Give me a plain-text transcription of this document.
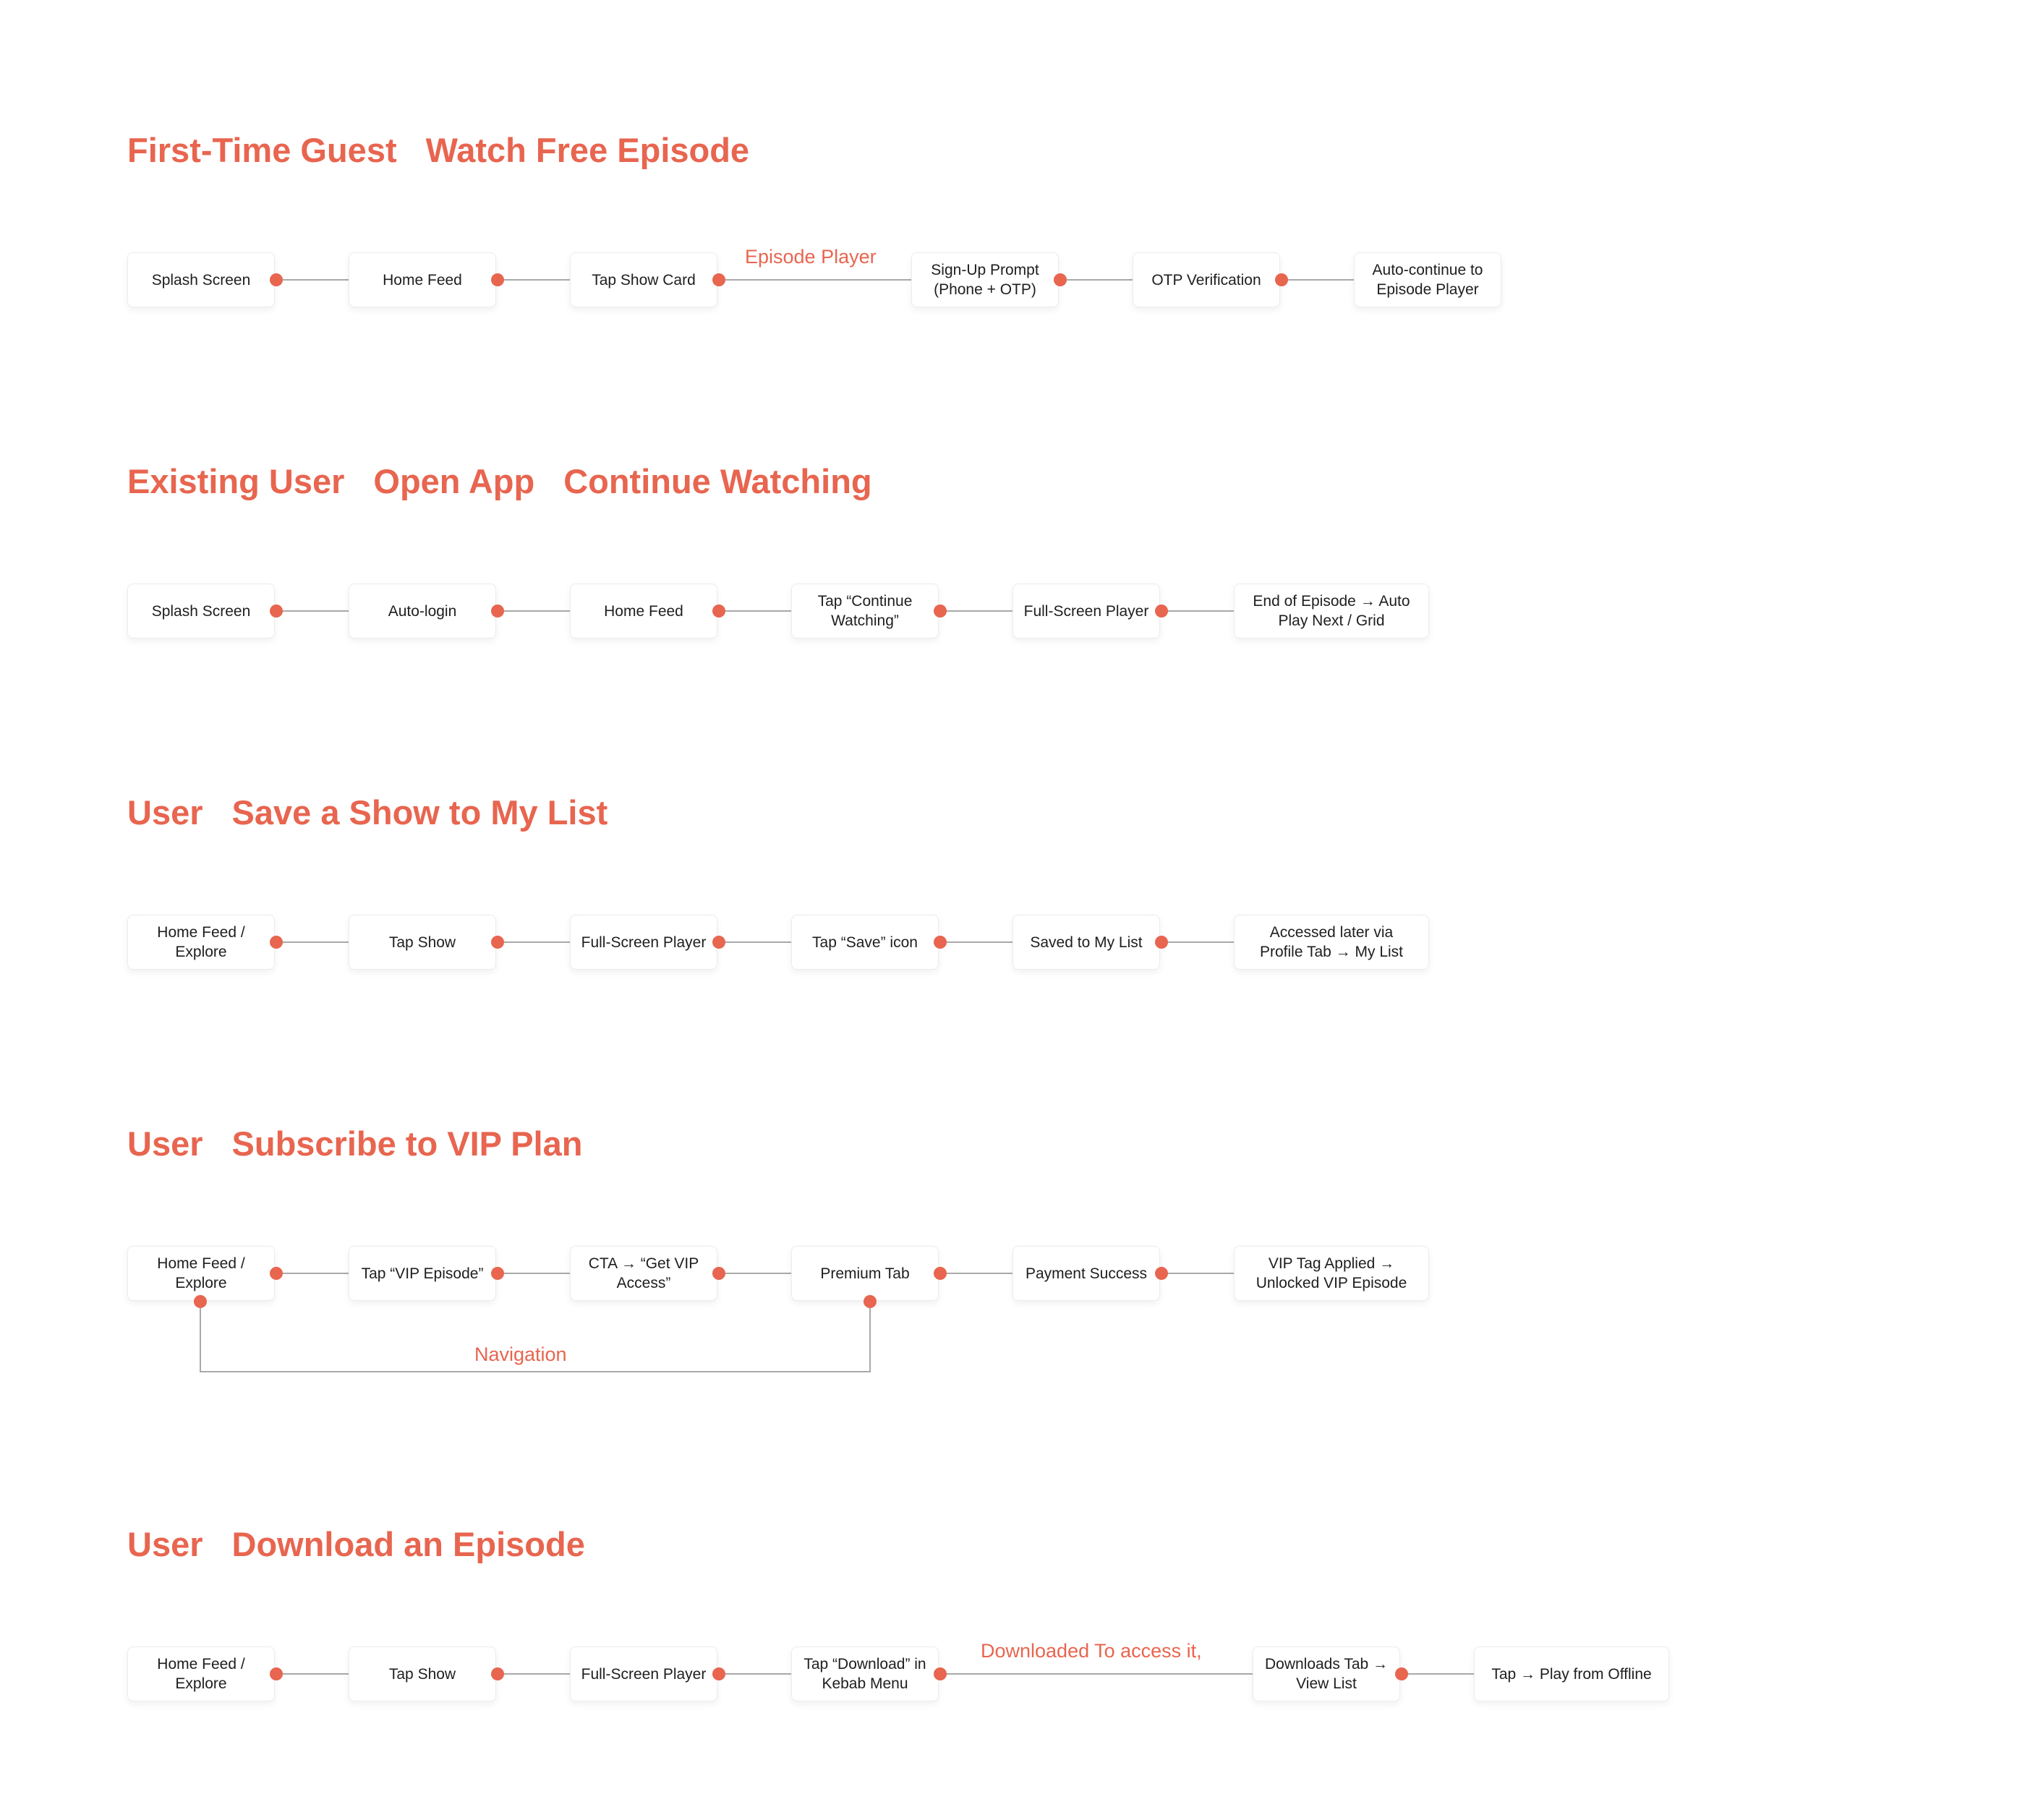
First-Time Guest Watch Free Episode
Episode Player
Splash Screen	Home Feed	Tap Show Card
Sign-Up Prompt
(Phone + OTP)
OTP Verification
Auto-continue to
Episode Player
Existing User Open App Continue Watching
Splash Screen	Auto-login	Home Feed
Tap “Continue
Watching”
Full-Screen Player
End of Episode → Auto
Play Next / Grid
User Save a Show to My List
Home Feed /
Explore
Tap Show	Full-Screen Player	Tap “Save” icon	Saved to My List
Accessed later via
Profile Tab → My List
User Subscribe to VIP Plan
Navigation
Home Feed /
Explore
Tap “VIP Episode”
CTA → “Get VIP
Access”
Premium Tab	Payment Success
VIP Tag Applied →
Unlocked VIP Episode
User Download an Episode
Downloaded To access it,
Home Feed /
Explore
Tap Show	Full-Screen Player
Tap “Download” in
Kebab Menu
Downloads Tab →
View List
Tap → Play from Offline
